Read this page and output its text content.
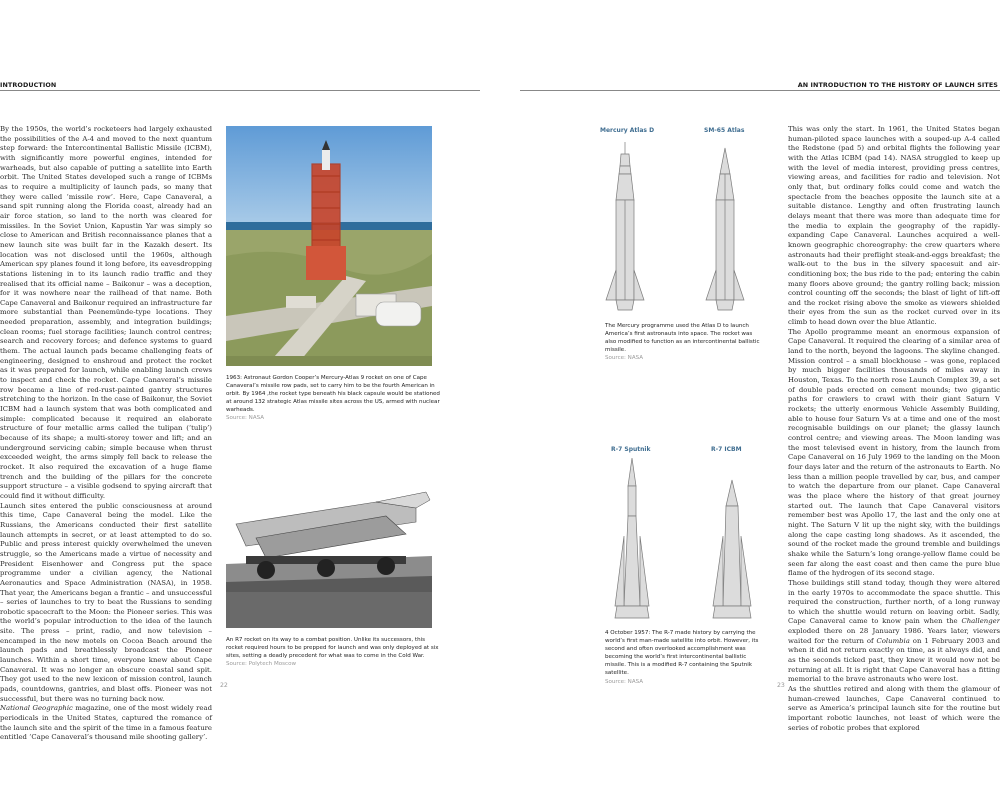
INTRODUCTION	AN INTRODUCTION TO THE HISTORY OF LAUNCH SITES

By the 1950s, the world’s rocketeers had largely exhausted the possibilities of the A-4 and moved to the next quantum step forward: the Intercontinental Ballistic Missile (ICBM), with significantly more powerful engines, intended for warheads, but also capable of putting a satellite into Earth orbit. The United States developed such a range of ICBMs as to require a multiplicity of launch pads, so many that they were called ‘missile row’. Here, Cape Canaveral, a sand spit running along the Florida coast, already had an air force station, so land to the north was cleared for missiles. In the Soviet Union, Kapustin Yar was simply so close to American and British reconnaissance planes that a new launch site was built far in the Kazakh desert. Its location was not disclosed until the 1960s, although American spy planes found it long before, its eavesdropping stations listening in to its launch radio traffic and they realised that its official name – Baikonur – was a deception, for it was nowhere near the railhead of that name. Both Cape Canaveral and Baikonur required an infrastructure far more substantial than Peenemünde-type locations. They needed preparation, assembly, and integration buildings; clean rooms; fuel storage facilities; launch control centres; search and recovery forces; and defence systems to guard them. The actual launch pads became challenging feats of engineering, designed to enshroud and protect the rocket as it was prepared for launch, while enabling launch crews to inspect and check the rocket. Cape Canaveral’s missile row became a line of red-rust-painted gantry structures stretching to the horizon. In the case of Baikonur, the Soviet ICBM had a launch system that was both complicated and simple: complicated because it required an elaborate structure of four metallic arms called the tulipan (‘tulip’) because of its shape; a multi-storey tower and lift; and an underground servicing cabin; simple because when thrust exceeded weight, the arms simply fell back to release the rocket. It also required the excavation of a huge flame trench and the building of the pillars for the concrete support structure – a visible godsend to spying aircraft that could find it without difficulty.

Launch sites entered the public consciousness at around this time, Cape Canaveral being the model. Like the Russians, the Americans conducted their first satellite launch attempts in secret, or at least attempted to do so. Public and press interest quickly overwhelmed the uneven struggle, so the Americans made a virtue of necessity and President Eisenhower and Congress put the space programme under a civilian agency, the National Aeronautics and Space Administration (NASA), in 1958. That year, the Americans began a frantic – and unsuccessful – series of launches to try to beat the Russians to sending robotic spacecraft to the Moon: the Pioneer series. This was the world’s popular introduction to the idea of the launch site. The press – print, radio, and now television – encamped in the new motels on Cocoa Beach around the launch pads and breathlessly broadcast the Pioneer launches. Within a short time, everyone knew about Cape Canaveral. It was no longer an obscure coastal sand spit. They got used to the new lexicon of mission control, launch pads, countdowns, gantries, and blast offs. Pioneer was not successful, but there was no turning back now.

National Geographic magazine, one of the most widely read periodicals in the United States, captured the romance of the launch site and the spirit of the time in a famous feature entitled ‘Cape Canaveral’s thousand mile shooting gallery’.

1963: Astronaut Gordon Cooper’s Mercury-Atlas 9 rocket on one of Cape Canaveral’s missile row pads, set to carry him to be the fourth American in orbit. By 1964 ,the rocket type beneath his black capsule would be stationed at around 132 strategic Atlas missile sites across the US, armed with nuclear warheads.
Source: NASA
An R7 rocket on its way to a combat position. Unlike its successors, this rocket required hours to be prepped for launch and was only deployed at six sites, setting a deadly precedent for what was to come in the Cold War.
Source: Polytech Moscow
22
Mercury Atlas D	SM-65 Atlas
R-7 Sputnik	R-7 ICBM
The Mercury programme used the Atlas D to launch America’s first astronauts into space. The rocket was also modified to function as an intercontinental ballistic missile.
Source: NASA
4 October 1957: The R-7 made history by carrying the world’s first man-made satellite into orbit. However, its second and often overlooked accomplishment was becoming the world’s first intercontinental ballistic missile. This is a modified R-7 containing the Sputnik satellite.
Source: NASA

This was only the start. In 1961, the United States began human-piloted space launches with a souped-up A-4 called the Redstone (pad 5) and orbital flights the following year with the Atlas ICBM (pad 14). NASA struggled to keep up with the level of media interest, providing press centres, viewing areas, and facilities for radio and television. Not only that, but ordinary folks could come and watch the spectacle from the beaches opposite the launch site at a suitable distance. Lengthy and often frustrating launch delays meant that there was more than adequate time for the media to explain the geography of the rapidly-expanding Cape Canaveral. Launches acquired a well-known geographic choreography: the crew quarters where astronauts had their preflight steak-and-eggs breakfast; the walk-out to the bus in the silvery spacesuit and air-conditioning box; the bus ride to the pad; entering the cabin many floors above ground; the gantry rolling back; mission control counting off the seconds; the blast of light of lift-off and the rocket rising above the smoke as viewers shielded their eyes from the sun as the rocket curved over in its climb to head down over the blue Atlantic.

The Apollo programme meant an enormous expansion of Cape Canaveral. It required the clearing of a similar area of land to the north, beyond the lagoons. The skyline changed. Mission control – a small blockhouse – was gone, replaced by much bigger facilities thousands of miles away in Houston, Texas. To the north rose Launch Complex 39, a set of double pads erected on cement mounds; two gigantic paths for crawlers to crawl with their giant Saturn V rockets; the utterly enormous Vehicle Assembly Building, able to house four Saturn Vs at a time and one of the most recognisable buildings on our planet; the glassy launch control centre; and viewing areas. The Moon landing was the most televised event in history, from the launch from Cape Canaveral on 16 July 1969 to the landing on the Moon four days later and the return of the astronauts to Earth. No less than a million people travelled by car, bus, and camper to watch the departure from our planet. Cape Canaveral was the place where the history of that great journey started out. The launch that Cape Canaveral visitors remember best was Apollo 17, the last and the only one at night. The Saturn V lit up the night sky, with the buildings along the cape casting long shadows. As it ascended, the sound of the rocket made the ground tremble and buildings shake while the Saturn’s long orange-yellow flame could be seen far along the east coast and then came the pure blue flame of the hydrogen of its second stage.

Those buildings still stand today, though they were altered in the early 1970s to accommodate the space shuttle. This required the construction, further north, of a long runway to which the shuttle would return on leaving orbit. Sadly, Cape Canaveral came to know pain when the Challenger exploded there on 28 January 1986. Years later, viewers waited for the return of Columbia on 1 February 2003 and when it did not return exactly on time, as it always did, and as the seconds ticked past, they knew it would now not be returning at all. It is right that Cape Canaveral has a fitting memorial to the brave astronauts who were lost.

As the shuttles retired and along with them the glamour of human-crewed launches, Cape Canaveral continued to serve as America’s principal launch site for the routine but important robotic launches, not least of which were the series of robotic probes that explored

23
